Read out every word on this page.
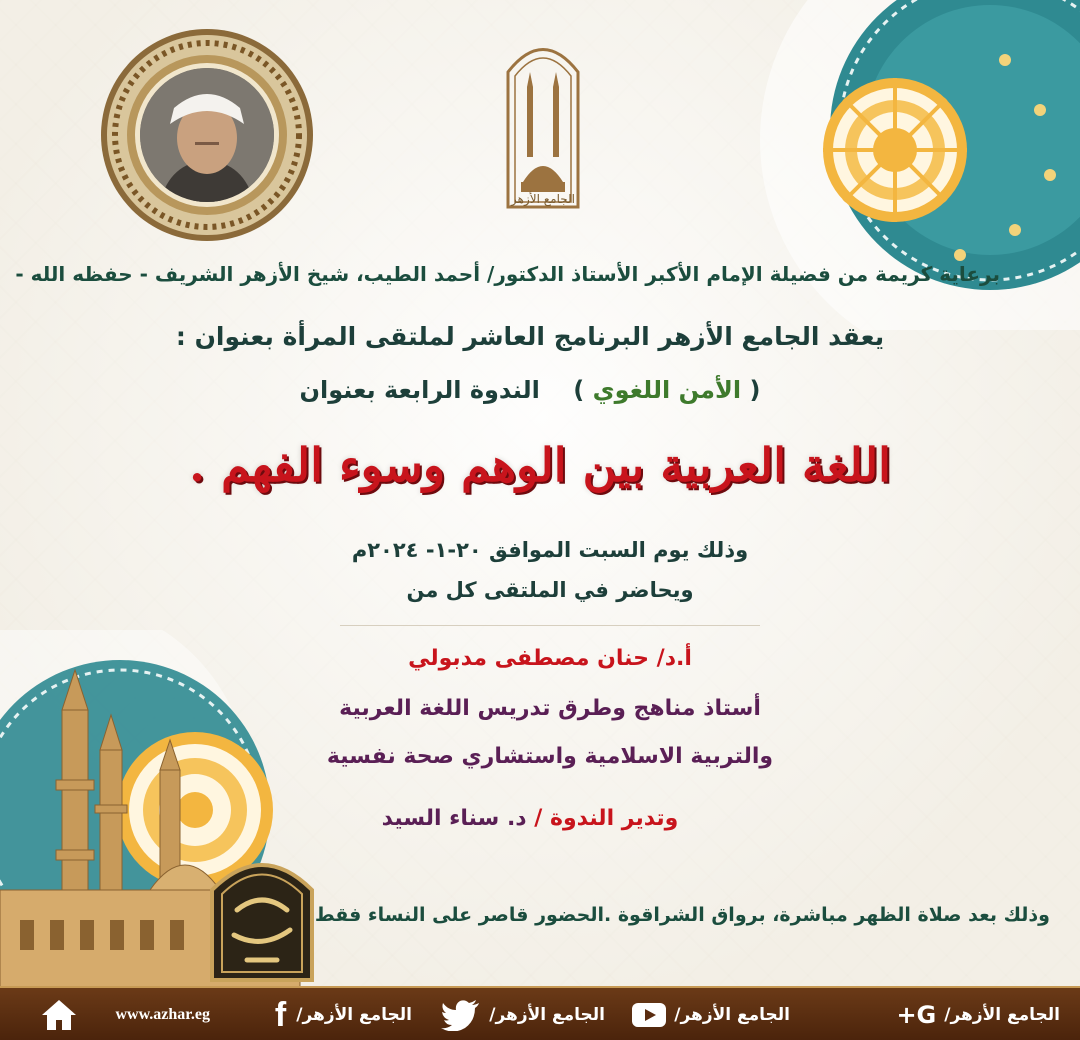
الجامع الأزهر
برعاية كريمة من فضيلة الإمام الأكبر الأستاذ الدكتور/ أحمد الطيب، شيخ الأزهر الشريف - حفظه الله -
يعقد الجامع الأزهر البرنامج العاشر لملتقى المرأة بعنوان :
( الأمن اللغوي )    الندوة الرابعة بعنوان
اللغة العربية بين الوهم وسوء الفهم .
وذلك يوم السبت الموافق ٢٠-١- ٢٠٢٤م
ويحاضر في الملتقى كل من
أ.د/ حنان مصطفى مدبولي
أستاذ مناهج وطرق تدريس اللغة العربية
والتربية الاسلامية واستشاري صحة نفسية
وتدير الندوة / د. سناء السيد
وذلك بعد صلاة الظهر مباشرة، برواق الشراقوة .الحضور قاصر على النساء فقط
الجامع الأزهر/
G+
الجامع الأزهر/
الجامع الأزهر/
الجامع الأزهر/
f
www.azhar.eg
